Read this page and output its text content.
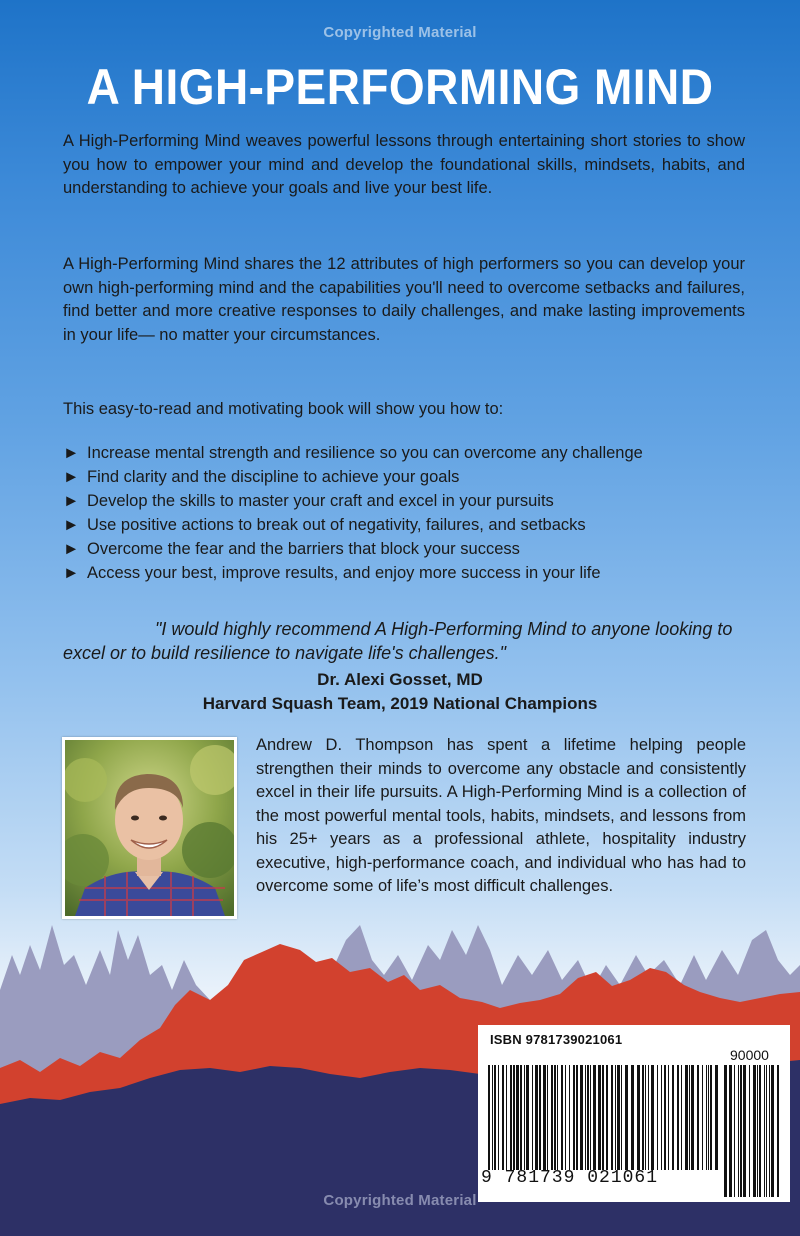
Copyrighted Material
A HIGH-PERFORMING MIND
A High-Performing Mind weaves powerful lessons through entertaining short stories to show you how to empower your mind and develop the foundational skills, mindsets, habits, and understanding to achieve your goals and live your best life.
A High-Performing Mind shares the 12 attributes of high performers so you can develop your own high-performing mind and the capabilities you'll need to overcome setbacks and failures, find better and more creative responses to daily challenges, and make lasting improvements in your life— no matter your circumstances.
This easy-to-read and motivating book will show you how to:
► Increase mental strength and resilience so you can overcome any challenge
► Find clarity and the discipline to achieve your goals
► Develop the skills to master your craft and excel in your pursuits
► Use positive actions to break out of negativity, failures, and setbacks
► Overcome the fear and the barriers that block your success
► Access your best, improve results, and enjoy more success in your life
"I would highly recommend A High-Performing Mind to anyone looking to excel or to build resilience to navigate life's challenges."
Dr. Alexi Gosset, MD
Harvard Squash Team, 2019 National Champions
Andrew D. Thompson has spent a lifetime helping people strengthen their minds to overcome any obstacle and consistently excel in their life pursuits. A High-Performing Mind is a collection of the most powerful mental tools, habits, mindsets, and lessons from his 25+ years as a professional athlete, hospitality industry executive, high-performance coach, and individual who has had to overcome some of life’s most difficult challenges.
Copyrighted Material
ISBN 9781739021061
90000
9 781739 021061
